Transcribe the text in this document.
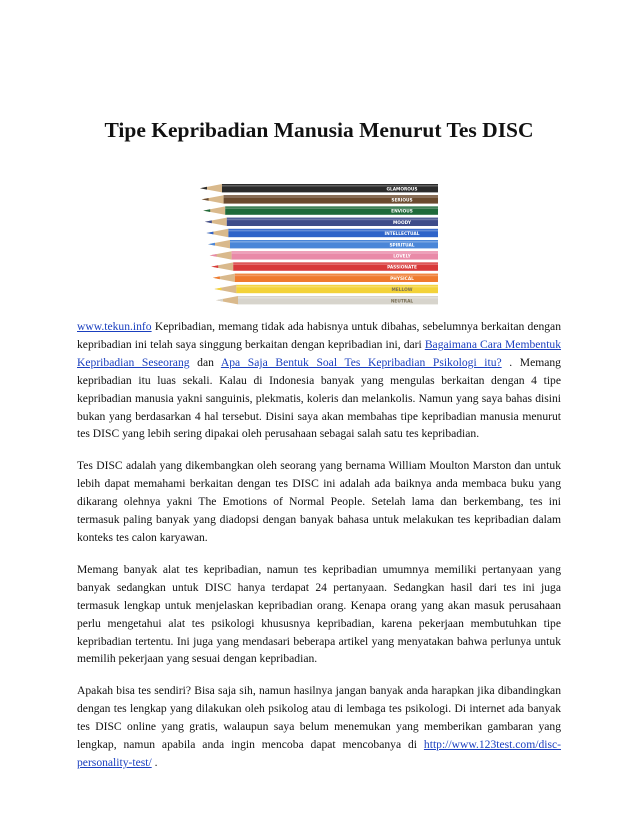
Tipe Kepribadian Manusia Menurut Tes DISC
GLAMOROUS
SERIOUS
ENVIOUS
MOODY
INTELLECTUAL
SPIRITUAL
LOVELY
PASSIONATE
PHYSICAL
MELLOW
NEUTRAL

www.tekun.info Kepribadian, memang tidak ada habisnya untuk dibahas, sebelumnya berkaitan dengan kepribadian ini telah saya singgung berkaitan dengan kepribadian ini, dari Bagaimana Cara Membentuk Kepribadian Seseorang dan Apa Saja Bentuk Soal Tes Kepribadian Psikologi itu? . Memang kepribadian itu luas sekali. Kalau di Indonesia banyak yang mengulas berkaitan dengan 4 tipe kepribadian manusia yakni sanguinis, plekmatis, koleris dan melankolis. Namun yang saya bahas disini bukan yang berdasarkan 4 hal tersebut. Disini saya akan membahas tipe kepribadian manusia menurut tes DISC yang lebih sering dipakai oleh perusahaan sebagai salah satu tes kepribadian.

Tes DISC adalah yang dikembangkan oleh seorang yang bernama William Moulton Marston dan untuk lebih dapat memahami berkaitan dengan tes DISC ini adalah ada baiknya anda membaca buku yang dikarang olehnya yakni The Emotions of Normal People. Setelah lama dan berkembang, tes ini termasuk paling banyak yang diadopsi dengan banyak bahasa untuk melakukan tes kepribadian dalam konteks tes calon karyawan.

Memang banyak alat tes kepribadian, namun tes kepribadian umumnya memiliki pertanyaan yang banyak sedangkan untuk DISC hanya terdapat 24 pertanyaan. Sedangkan hasil dari tes ini juga termasuk lengkap untuk menjelaskan kepribadian orang. Kenapa orang yang akan masuk perusahaan perlu mengetahui alat tes psikologi khususnya kepribadian, karena pekerjaan membutuhkan tipe kepribadian tertentu. Ini juga yang mendasari beberapa artikel yang menyatakan bahwa perlunya untuk memilih pekerjaan yang sesuai dengan kepribadian.

Apakah bisa tes sendiri? Bisa saja sih, namun hasilnya jangan banyak anda harapkan jika dibandingkan dengan tes lengkap yang dilakukan oleh psikolog atau di lembaga tes psikologi. Di internet ada banyak tes DISC online yang gratis, walaupun saya belum menemukan yang memberikan gambaran yang lengkap, namun apabila anda ingin mencoba dapat mencobanya di http://www.123test.com/disc-personality-test/ .
